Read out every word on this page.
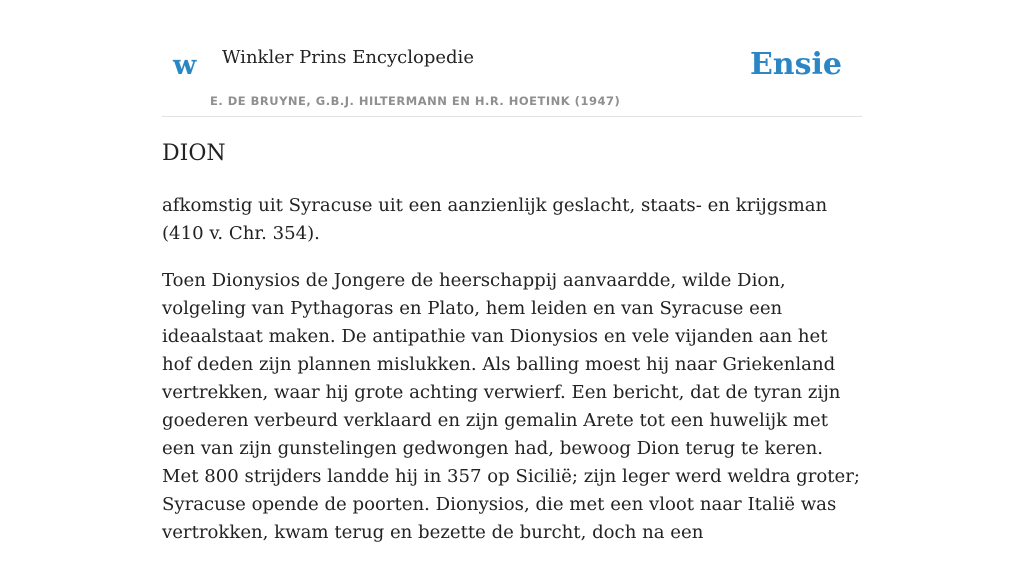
w Winkler Prins Encyclopedie
E. DE BRUYNE, G.B.J. HILTERMANN EN H.R. HOETINK (1947)
Ensie
DION

afkomstig uit Syracuse uit een aanzienlijk geslacht, staats- en krijgsman (410 v. Chr. 354).

Toen Dionysios de Jongere de heerschappij aanvaardde, wilde Dion, volgeling van Pythagoras en Plato, hem leiden en van Syracuse een ideaalstaat maken. De antipathie van Dionysios en vele vijanden aan het hof deden zijn plannen mislukken. Als balling moest hij naar Griekenland vertrekken, waar hij grote achting verwierf. Een bericht, dat de tyran zijn goederen verbeurd verklaard en zijn gemalin Arete tot een huwelijk met een van zijn gunstelingen gedwongen had, bewoog Dion terug te keren. Met 800 strijders landde hij in 357 op Sicilië; zijn leger werd weldra groter; Syracuse opende de poorten. Dionysios, die met een vloot naar Italië was vertrokken, kwam terug en bezette de burcht, doch na een
